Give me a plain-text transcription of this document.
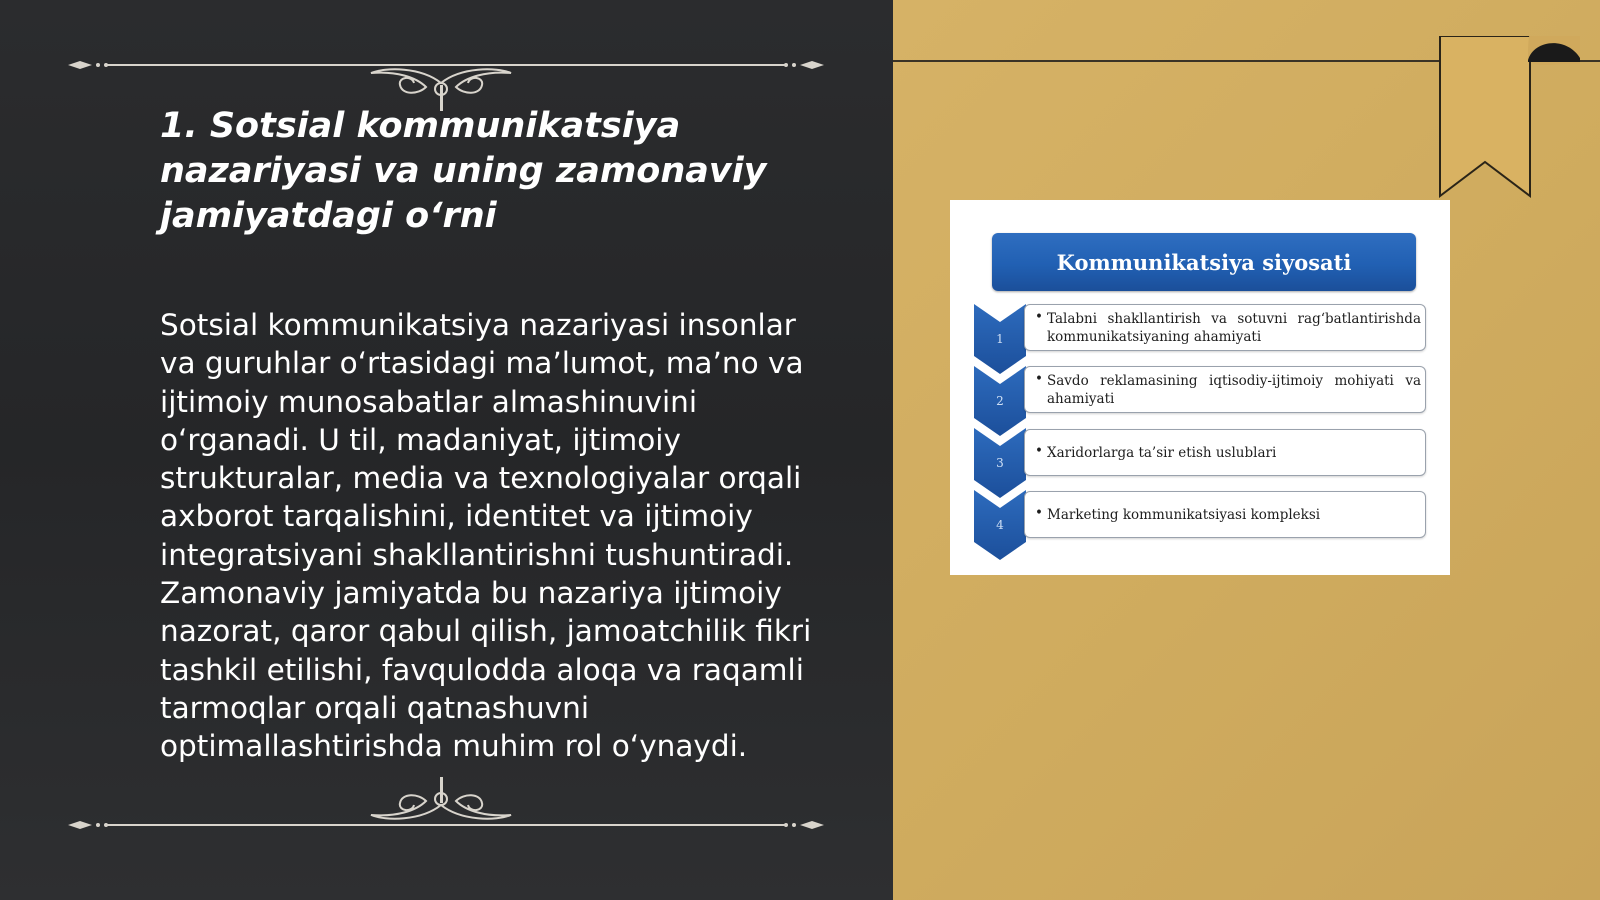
1. Sotsial kommunikatsiya nazariyasi va uning zamonaviy jamiyatdagi o‘rni

Sotsial kommunikatsiya nazariyasi insonlar va guruhlar o‘rtasidagi ma’lumot, ma’no va ijtimoiy munosabatlar almashinuvini o‘rganadi. U til, madaniyat, ijtimoiy strukturalar, media va texnologiyalar orqali axborot tarqalishini, identitet va ijtimoiy integratsiyani shakllantirishni tushuntiradi. Zamonaviy jamiyatda bu nazariya ijtimoiy nazorat, qaror qabul qilish, jamoatchilik fikri tashkil etilishi, favqulodda aloqa va raqamli tarmoqlar orqali qatnashuvni optimallashtirishda muhim rol o‘ynaydi.

Kommunikatsiya siyosati
1
2
3
4
• Talabni shakllantirish va sotuvni rag‘batlantirishda kommunikatsiyaning ahamiyati
• Savdo reklamasining iqtisodiy-ijtimoiy mohiyati va ahamiyati
• Xaridorlarga ta’sir etish uslublari
• Marketing kommunikatsiyasi kompleksi
